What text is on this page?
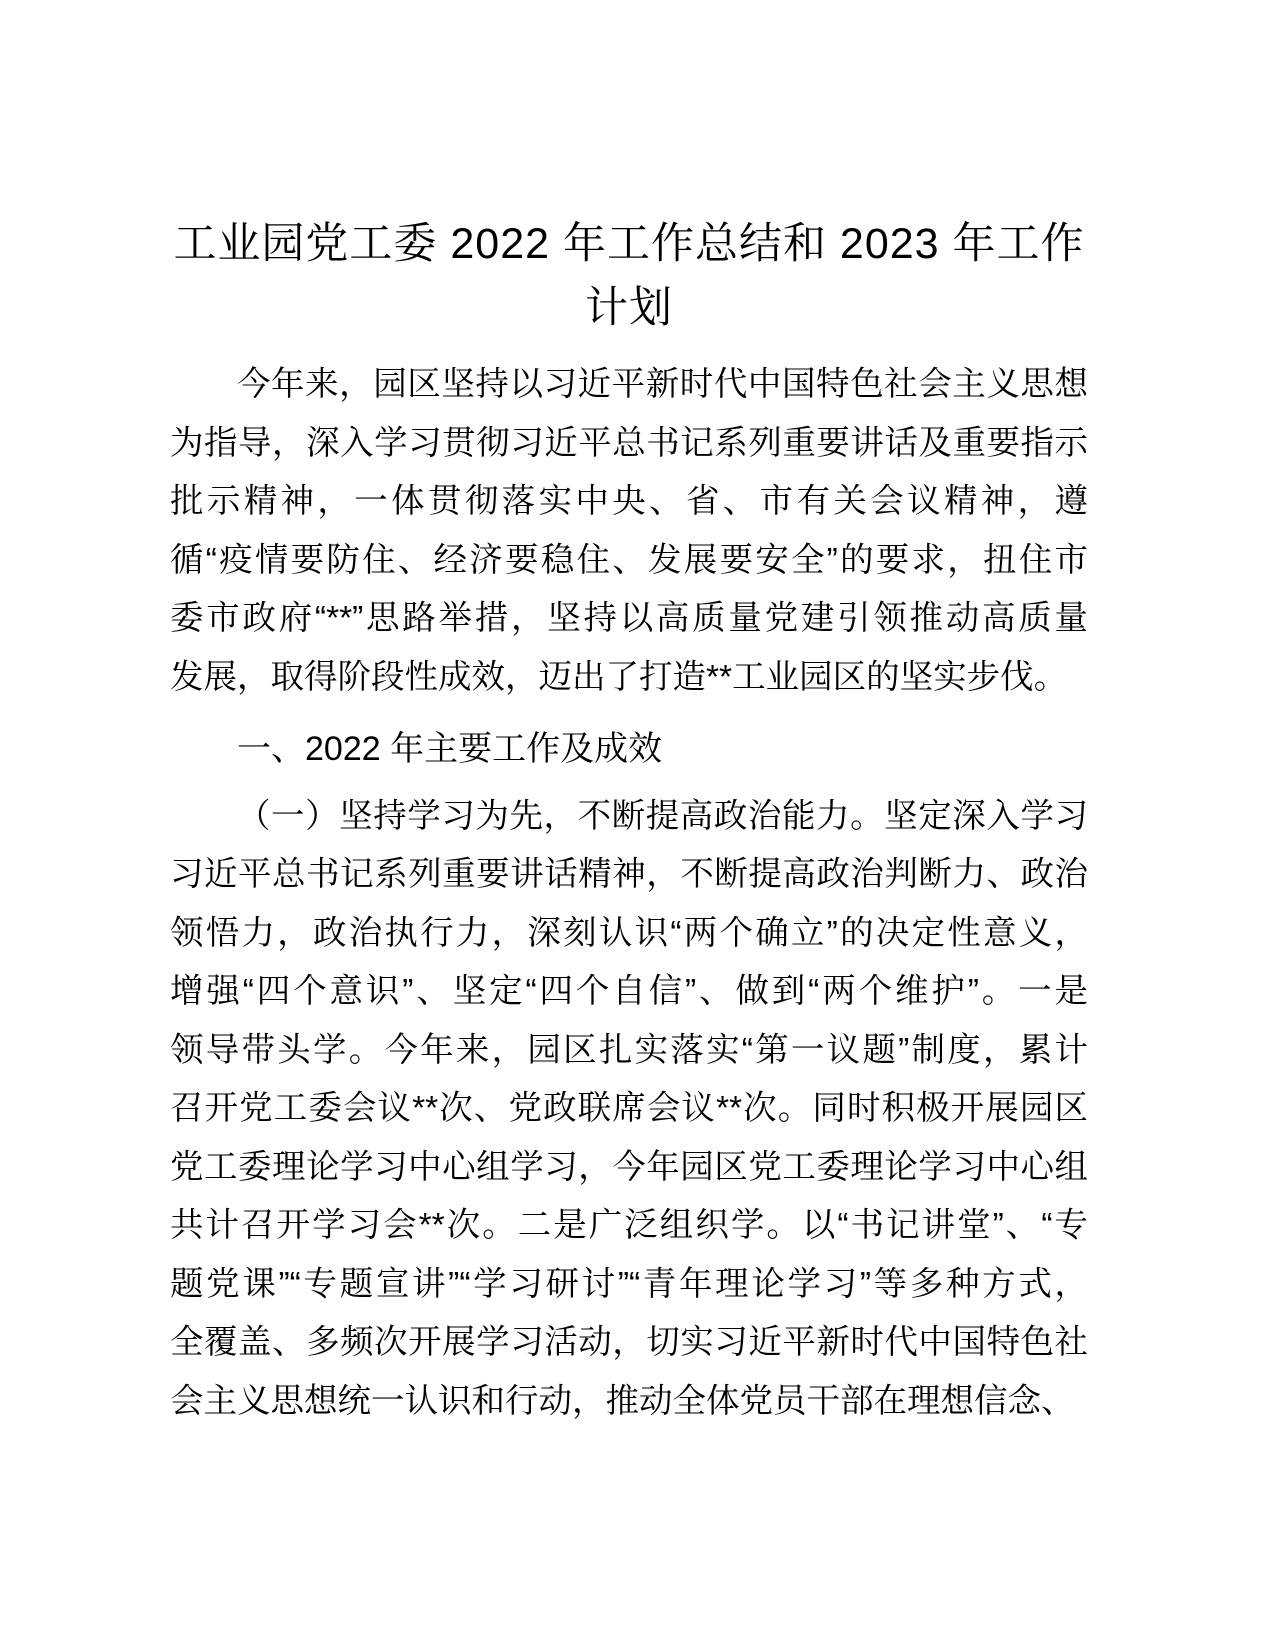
工业园党工委 2022 年工作总结和 2023 年工作
计划
今年来，园区坚持以习近平新时代中国特色社会主义思想
为指导，深入学习贯彻习近平总书记系列重要讲话及重要指示
批示精神，一体贯彻落实中央、省、市有关会议精神，遵
循“疫情要防住、经济要稳住、发展要安全”的要求，扭住市
委市政府“**”思路举措，坚持以高质量党建引领推动高质量
发展，取得阶段性成效，迈出了打造**工业园区的坚实步伐。
一、2022 年主要工作及成效
（一）坚持学习为先，不断提高政治能力。坚定深入学习
习近平总书记系列重要讲话精神，不断提高政治判断力、政治
领悟力，政治执行力，深刻认识“两个确立”的决定性意义，
增强“四个意识”、坚定“四个自信”、做到“两个维护”。一是
领导带头学。今年来，园区扎实落实“第一议题”制度，累计
召开党工委会议**次、党政联席会议**次。同时积极开展园区
党工委理论学习中心组学习，今年园区党工委理论学习中心组
共计召开学习会**次。二是广泛组织学。以“书记讲堂”、“专
题党课”“专题宣讲”“学习研讨”“青年理论学习”等多种方式，
全覆盖、多频次开展学习活动，切实习近平新时代中国特色社
会主义思想统一认识和行动，推动全体党员干部在理想信念、
